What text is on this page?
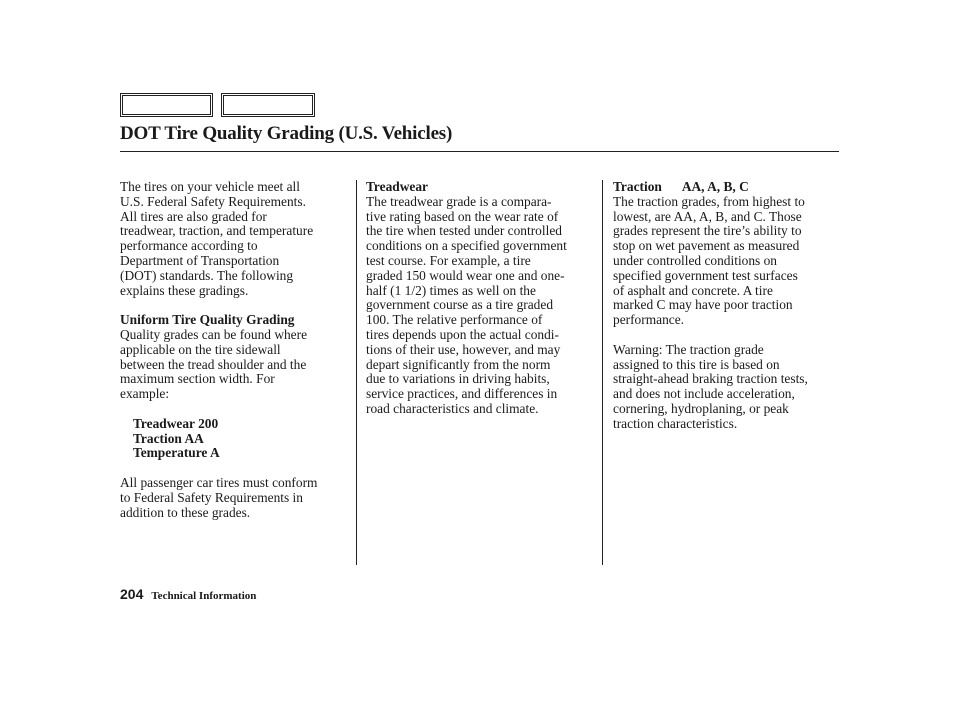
DOT Tire Quality Grading (U.S. Vehicles)

The tires on your vehicle meet all
U.S. Federal Safety Requirements.
All tires are also graded for
treadwear, traction, and temperature
performance according to
Department of Transportation
(DOT) standards. The following
explains these gradings.

Uniform Tire Quality Grading
Quality grades can be found where
applicable on the tire sidewall
between the tread shoulder and the
maximum section width. For
example:

Treadwear 200
Traction AA
Temperature A

All passenger car tires must conform
to Federal Safety Requirements in
addition to these grades.

Treadwear
The treadwear grade is a compara-
tive rating based on the wear rate of
the tire when tested under controlled
conditions on a specified government
test course. For example, a tire
graded 150 would wear one and one-
half (1 1/2) times as well on the
government course as a tire graded
100. The relative performance of
tires depends upon the actual condi-
tions of their use, however, and may
depart significantly from the norm
due to variations in driving habits,
service practices, and differences in
road characteristics and climate.

Traction AA, A, B, C
The traction grades, from highest to
lowest, are AA, A, B, and C. Those
grades represent the tire’s ability to
stop on wet pavement as measured
under controlled conditions on
specified government test surfaces
of asphalt and concrete. A tire
marked C may have poor traction
performance.

Warning: The traction grade
assigned to this tire is based on
straight-ahead braking traction tests,
and does not include acceleration,
cornering, hydroplaning, or peak
traction characteristics.

204 Technical Information
